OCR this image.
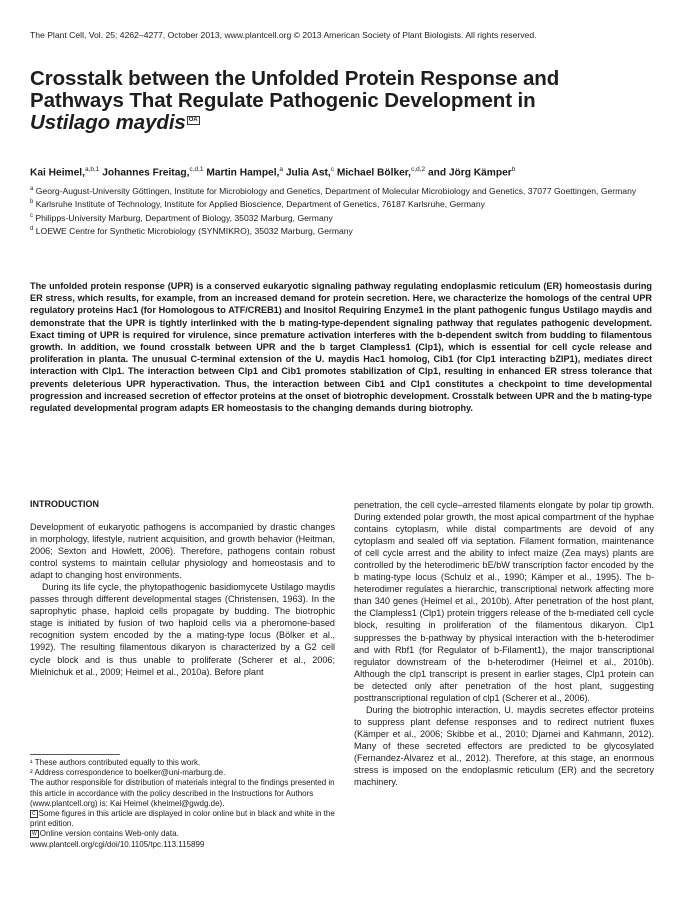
The Plant Cell, Vol. 25: 4262–4277, October 2013, www.plantcell.org © 2013 American Society of Plant Biologists. All rights reserved.
Crosstalk between the Unfolded Protein Response and
Pathways That Regulate Pathogenic Development in
Ustilago maydis OA
Kai Heimel,$^{a,b,1}$ Johannes Freitag,$^{c,d,1}$ Martin Hampel,$^a$ Julia Ast,$^c$ Michael Bölker,$^{c,d,2}$ and Jörg Kämper$^b$
$^a$ Georg-August-University Göttingen, Institute for Microbiology and Genetics, Department of Molecular Microbiology and Genetics, 37077 Goettingen, Germany
$^b$ Karlsruhe Institute of Technology, Institute for Applied Bioscience, Department of Genetics, 76187 Karlsruhe, Germany
$^c$ Philipps-University Marburg, Department of Biology, 35032 Marburg, Germany
$^d$ LOEWE Centre for Synthetic Microbiology (SYNMIKRO), 35032 Marburg, Germany
The unfolded protein response (UPR) is a conserved eukaryotic signaling pathway regulating endoplasmic reticulum (ER) homeostasis during ER stress, which results, for example, from an increased demand for protein secretion. Here, we characterize the homologs of the central UPR regulatory proteins Hac1 (for Homologous to ATF/CREB1) and Inositol Requiring Enzyme1 in the plant pathogenic fungus Ustilago maydis and demonstrate that the UPR is tightly interlinked with the b mating-type-dependent signaling pathway that regulates pathogenic development. Exact timing of UPR is required for virulence, since premature activation interferes with the b-dependent switch from budding to filamentous growth. In addition, we found crosstalk between UPR and the b target Clampless1 (Clp1), which is essential for cell cycle release and proliferation in planta. The unusual C-terminal extension of the U. maydis Hac1 homolog, Cib1 (for Clp1 interacting bZIP1), mediates direct interaction with Clp1. The interaction between Clp1 and Cib1 promotes stabilization of Clp1, resulting in enhanced ER stress tolerance that prevents deleterious UPR hyperactivation. Thus, the interaction between Cib1 and Clp1 constitutes a checkpoint to time developmental progression and increased secretion of effector proteins at the onset of biotrophic development. Crosstalk between UPR and the b mating-type regulated developmental program adapts ER homeostasis to the changing demands during biotrophy.
INTRODUCTION

Development of eukaryotic pathogens is accompanied by drastic changes in morphology, lifestyle, nutrient acquisition, and growth behavior (Heitman, 2006; Sexton and Howlett, 2006). Therefore, pathogens contain robust control systems to maintain cellular physiology and homeostasis and to adapt to changing host environments.

During its life cycle, the phytopathogenic basidiomycete Ustilago maydis passes through different developmental stages (Christensen, 1963). In the saprophytic phase, haploid cells propagate by budding. The biotrophic stage is initiated by fusion of two haploid cells via a pheromone-based recognition system encoded by the a mating-type locus (Bölker et al., 1992). The resulting filamentous dikaryon is characterized by a G2 cell cycle block and is thus unable to proliferate (Scherer et al., 2006; Mielnichuk et al., 2009; Heimel et al., 2010a). Before plant

¹ These authors contributed equally to this work.

² Address correspondence to boelker@uni-marburg.de.

The author responsible for distribution of materials integral to the findings presented in this article in accordance with the policy described in the Instructions for Authors (www.plantcell.org) is: Kai Heimel (kheimel@gwdg.de).

C Some figures in this article are displayed in color online but in black and white in the print edition.

W Online version contains Web-only data.

www.plantcell.org/cgi/doi/10.1105/tpc.113.115899

penetration, the cell cycle–arrested filaments elongate by polar tip growth. During extended polar growth, the most apical compartment of the hyphae contains cytoplasm, while distal compartments are devoid of any cytoplasm and sealed off via septation. Filament formation, maintenance of cell cycle arrest and the ability to infect maize (Zea mays) plants are controlled by the heterodimeric bE/bW transcription factor encoded by the b mating-type locus (Schulz et al., 1990; Kämper et al., 1995). The b-heterodimer regulates a hierarchic, transcriptional network affecting more than 340 genes (Heimel et al., 2010b). After penetration of the host plant, the Clampless1 (Clp1) protein triggers release of the b-mediated cell cycle block, resulting in proliferation of the filamentous dikaryon. Clp1 suppresses the b-pathway by physical interaction with the b-heterodimer and with Rbf1 (for Regulator of b-Filament1), the major transcriptional regulator downstream of the b-heterodimer (Heimel et al., 2010b). Although the clp1 transcript is present in earlier stages, Clp1 protein can be detected only after penetration of the host plant, suggesting posttranscriptional regulation of clp1 (Scherer et al., 2006).

During the biotrophic interaction, U. maydis secretes effector proteins to suppress plant defense responses and to redirect nutrient fluxes (Kämper et al., 2006; Skibbe et al., 2010; Djamei and Kahmann, 2012). Many of these secreted effectors are predicted to be glycosylated (Fernandez-Alvarez et al., 2012). Therefore, at this stage, an enormous stress is imposed on the endoplasmic reticulum (ER) and the secretory machinery.
